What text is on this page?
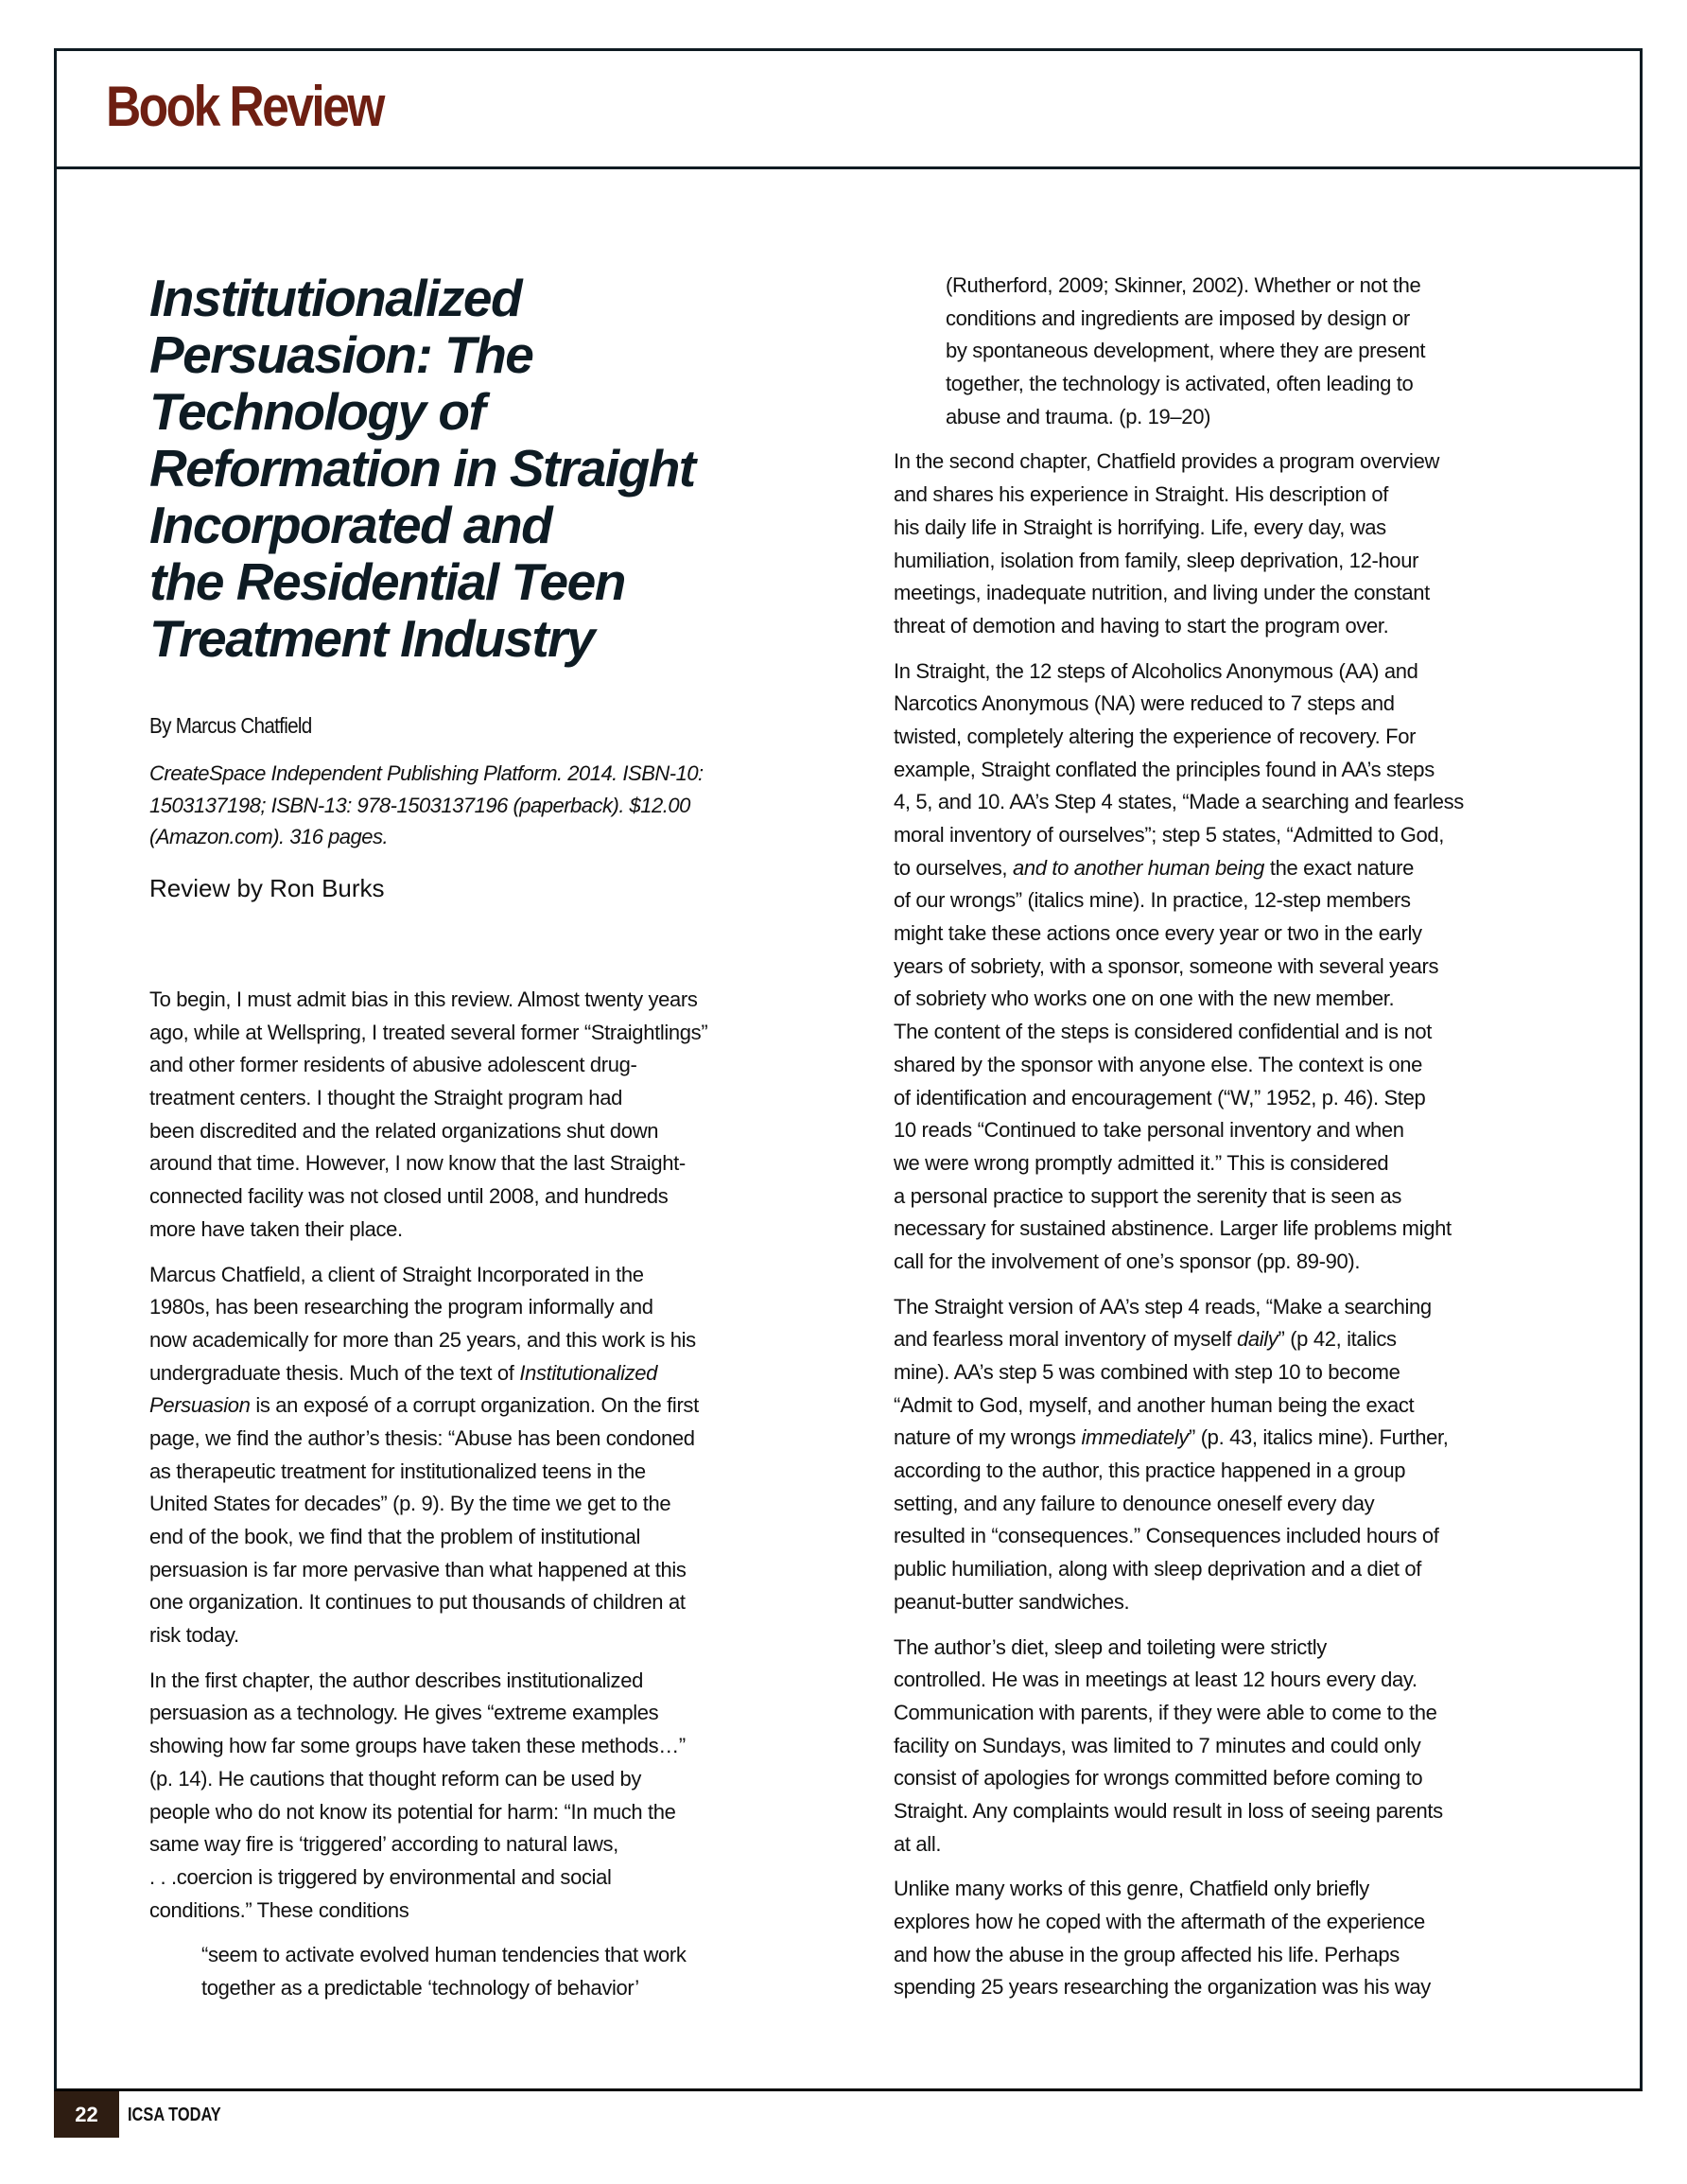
Book Review
Institutionalized
Persuasion: The
Technology of
Reformation in Straight
Incorporated and
the Residential Teen
Treatment Industry
By Marcus Chatfield
CreateSpace Independent Publishing Platform. 2014. ISBN-10:
1503137198; ISBN-13: 978-1503137196 (paperback). $12.00
(Amazon.com). 316 pages.
Review by Ron Burks
To begin, I must admit bias in this review. Almost twenty years
ago, while at Wellspring, I treated several former “Straightlings”
and other former residents of abusive adolescent drug-
treatment centers. I thought the Straight program had
been discredited and the related organizations shut down
around that time. However, I now know that the last Straight-
connected facility was not closed until 2008, and hundreds
more have taken their place.
Marcus Chatfield, a client of Straight Incorporated in the
1980s, has been researching the program informally and
now academically for more than 25 years, and this work is his
undergraduate thesis. Much of the text of Institutionalized
Persuasion is an exposé of a corrupt organization. On the first
page, we find the author’s thesis: “Abuse has been condoned
as therapeutic treatment for institutionalized teens in the
United States for decades” (p. 9). By the time we get to the
end of the book, we find that the problem of institutional
persuasion is far more pervasive than what happened at this
one organization. It continues to put thousands of children at
risk today.
In the first chapter, the author describes institutionalized
persuasion as a technology. He gives “extreme examples
showing how far some groups have taken these methods…”
(p. 14). He cautions that thought reform can be used by
people who do not know its potential for harm: “In much the
same way fire is ‘triggered’ according to natural laws,
. . .coercion is triggered by environmental and social
conditions.” These conditions
“seem to activate evolved human tendencies that work
together as a predictable ‘technology of behavior’
(Rutherford, 2009; Skinner, 2002). Whether or not the
conditions and ingredients are imposed by design or
by spontaneous development, where they are present
together, the technology is activated, often leading to
abuse and trauma. (p. 19–20)
In the second chapter, Chatfield provides a program overview
and shares his experience in Straight. His description of
his daily life in Straight is horrifying. Life, every day, was
humiliation, isolation from family, sleep deprivation, 12-hour
meetings, inadequate nutrition, and living under the constant
threat of demotion and having to start the program over.
In Straight, the 12 steps of Alcoholics Anonymous (AA) and
Narcotics Anonymous (NA) were reduced to 7 steps and
twisted, completely altering the experience of recovery. For
example, Straight conflated the principles found in AA’s steps
4, 5, and 10. AA’s Step 4 states, “Made a searching and fearless
moral inventory of ourselves”; step 5 states, “Admitted to God,
to ourselves, and to another human being the exact nature
of our wrongs” (italics mine). In practice, 12-step members
might take these actions once every year or two in the early
years of sobriety, with a sponsor, someone with several years
of sobriety who works one on one with the new member.
The content of the steps is considered confidential and is not
shared by the sponsor with anyone else. The context is one
of identification and encouragement (“W,” 1952, p. 46). Step
10 reads “Continued to take personal inventory and when
we were wrong promptly admitted it.” This is considered
a personal practice to support the serenity that is seen as
necessary for sustained abstinence. Larger life problems might
call for the involvement of one’s sponsor (pp. 89-90).
The Straight version of AA’s step 4 reads, “Make a searching
and fearless moral inventory of myself daily” (p 42, italics
mine). AA’s step 5 was combined with step 10 to become
“Admit to God, myself, and another human being the exact
nature of my wrongs immediately” (p. 43, italics mine). Further,
according to the author, this practice happened in a group
setting, and any failure to denounce oneself every day
resulted in “consequences.” Consequences included hours of
public humiliation, along with sleep deprivation and a diet of
peanut-butter sandwiches.
The author’s diet, sleep and toileting were strictly
controlled. He was in meetings at least 12 hours every day.
Communication with parents, if they were able to come to the
facility on Sundays, was limited to 7 minutes and could only
consist of apologies for wrongs committed before coming to
Straight. Any complaints would result in loss of seeing parents
at all.
Unlike many works of this genre, Chatfield only briefly
explores how he coped with the aftermath of the experience
and how the abuse in the group affected his life. Perhaps
spending 25 years researching the organization was his way
22	ICSA TODAY
